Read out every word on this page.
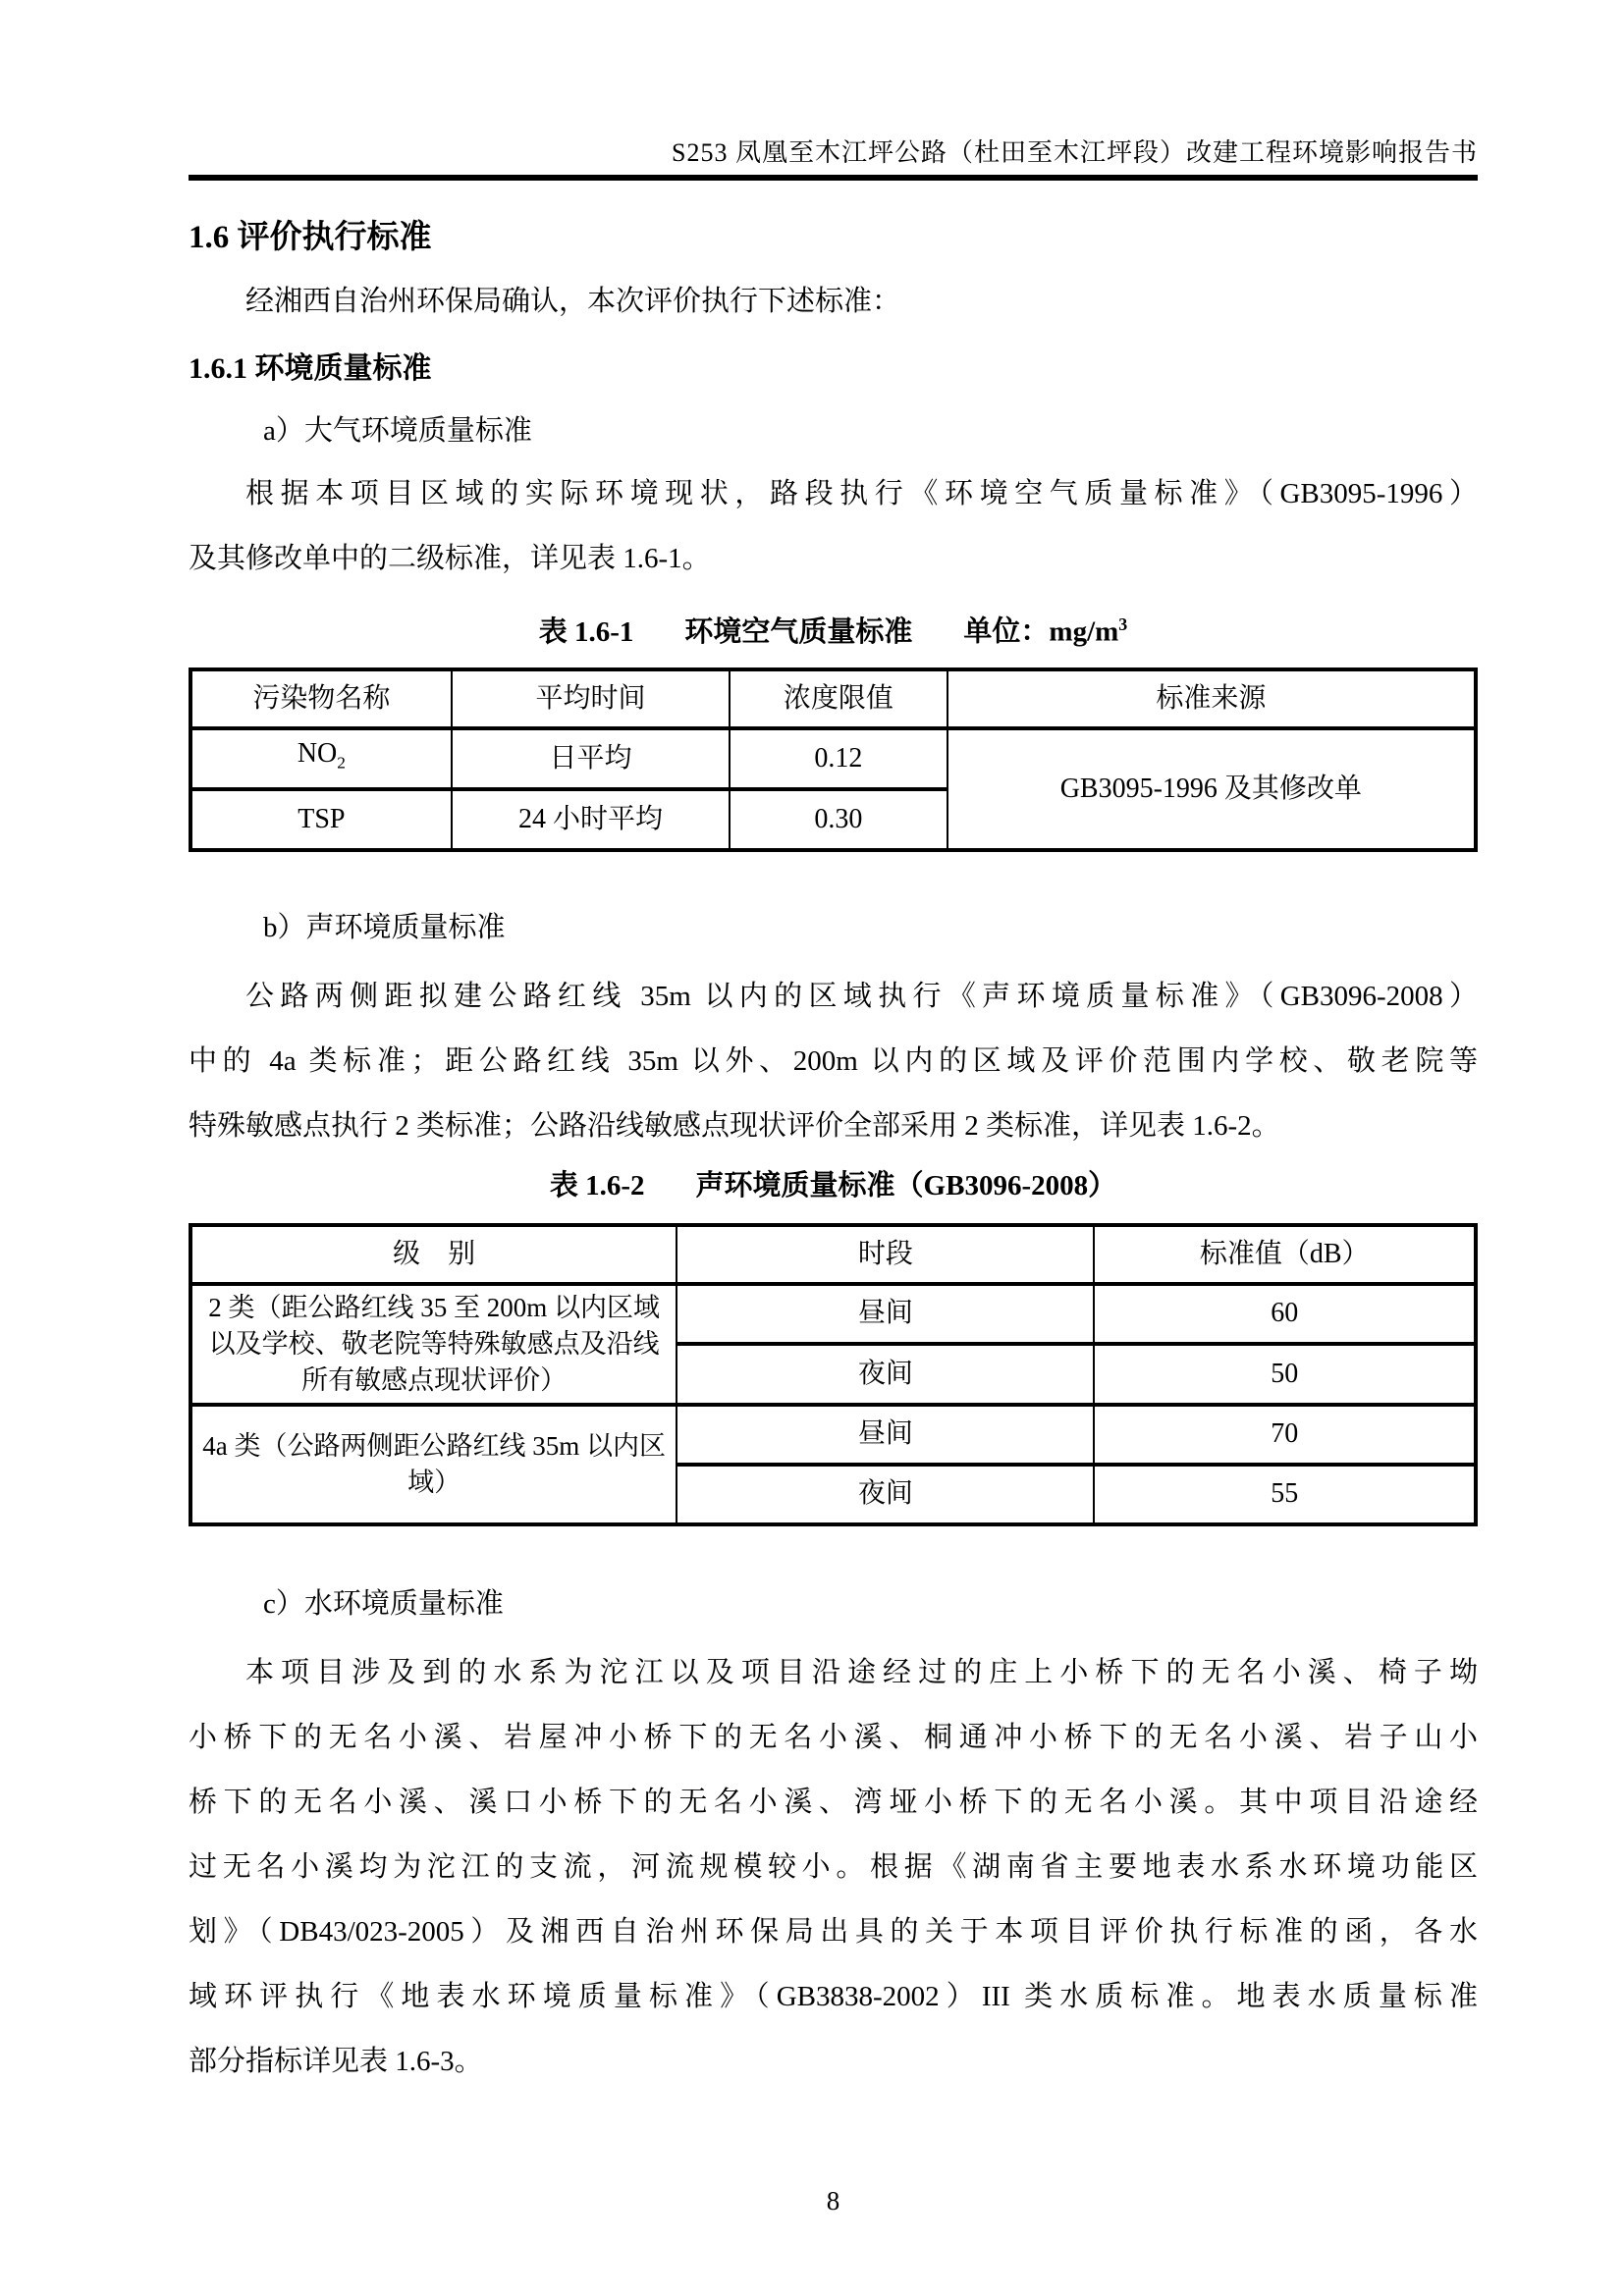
S253 凤凰至木江坪公路（杜田至木江坪段）改建工程环境影响报告书
1.6 评价执行标准
经湘西自治州环保局确认，本次评价执行下述标准：
1.6.1 环境质量标准
a）大气环境质量标准
根据本项目区域的实际环境现状，路段执行《环境空气质量标准》（GB3095-1996）
及其修改单中的二级标准，详见表 1.6-1。
表 1.6-1 环境空气质量标准 单位：$mg/m^3$
污染物名称	平均时间	浓度限值	标准来源
$NO_2$	日平均	0.12	GB3095-1996 及其修改单
TSP	24 小时平均	0.30	
b）声环境质量标准
公路两侧距拟建公路红线 35m 以内的区域执行《声环境质量标准》（GB3096-2008）
中的 4a 类标准；距公路红线 35m 以外、200m 以内的区域及评价范围内学校、敬老院等
特殊敏感点执行 2 类标准；公路沿线敏感点现状评价全部采用 2 类标准，详见表 1.6-2。
表 1.6-2 声环境质量标准（GB3096-2008）
级　别	时段	标准值（dB）
2 类（距公路红线 35 至 200m 以内区域以及学校、敬老院等特殊敏感点及沿线所有敏感点现状评价）	昼间	60
	夜间	50
4a 类（公路两侧距公路红线 35m 以内区域）	昼间	70
	夜间	55
c）水环境质量标准
本项目涉及到的水系为沱江以及项目沿途经过的庄上小桥下的无名小溪、椅子坳
小桥下的无名小溪、岩屋冲小桥下的无名小溪、桐通冲小桥下的无名小溪、岩子山小
桥下的无名小溪、溪口小桥下的无名小溪、湾垭小桥下的无名小溪。其中项目沿途经
过无名小溪均为沱江的支流，河流规模较小。根据《湖南省主要地表水系水环境功能区
划》（DB43/023-2005）及湘西自治州环保局出具的关于本项目评价执行标准的函，各水
域环评执行《地表水环境质量标准》（GB3838-2002）III 类水质标准。地表水质量标准
部分指标详见表 1.6-3。
8
